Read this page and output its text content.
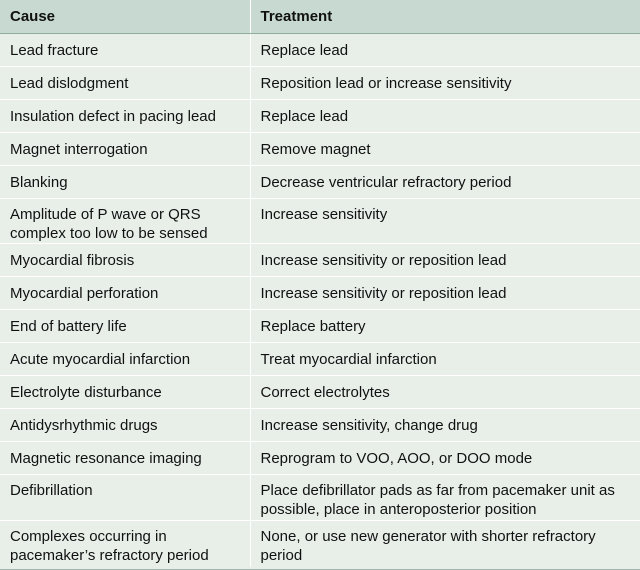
Cause	Treatment
Lead fracture	Replace lead
Lead dislodgment	Reposition lead or increase sensitivity
Insulation defect in pacing lead	Replace lead
Magnet interrogation	Remove magnet
Blanking	Decrease ventricular refractory period
Amplitude of P wave or QRS complex too low to be sensed	Increase sensitivity
Myocardial fibrosis	Increase sensitivity or reposition lead
Myocardial perforation	Increase sensitivity or reposition lead
End of battery life	Replace battery
Acute myocardial infarction	Treat myocardial infarction
Electrolyte disturbance	Correct electrolytes
Antidysrhythmic drugs	Increase sensitivity, change drug
Magnetic resonance imaging	Reprogram to VOO, AOO, or DOO mode
Defibrillation	Place defibrillator pads as far from pacemaker unit as possible, place in anteroposterior position
Complexes occurring in pacemaker’s refractory period	None, or use new generator with shorter refractory period
